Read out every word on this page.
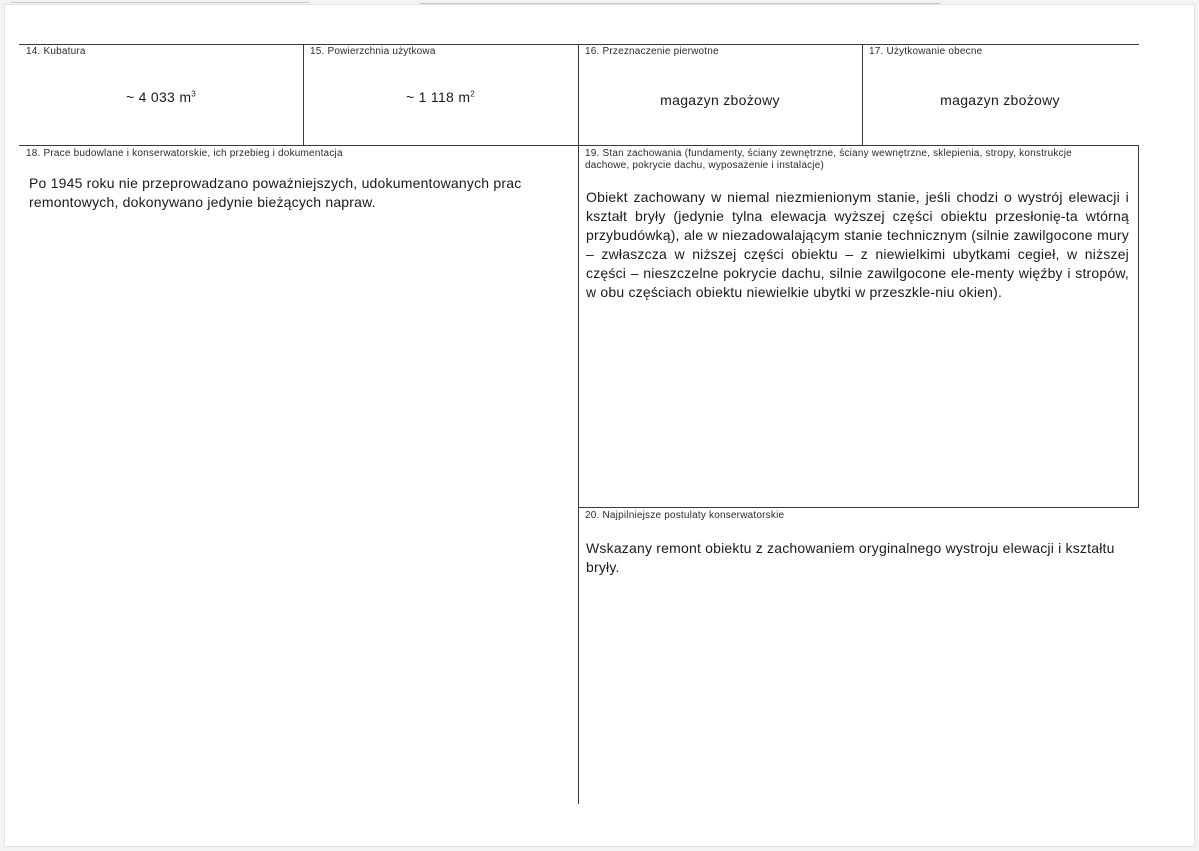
14. Kubatura
~ 4 033 $m^3$
15. Powierzchnia użytkowa
~ 1 118 $m^2$
16. Przeznaczenie pierwotne
magazyn zbożowy
17. Użytkowanie obecne
magazyn zbożowy
18. Prace budowlane i konserwatorskie, ich przebieg i dokumentacja
Po 1945 roku nie przeprowadzano poważniejszych, udokumentowanych prac remontowych, dokonywano jedynie bieżących napraw.
19. Stan zachowania (fundamenty, ściany zewnętrzne, ściany wewnętrzne, sklepienia, stropy, konstrukcje dachowe, pokrycie dachu, wyposażenie i instalacje)
Obiekt zachowany w niemal niezmienionym stanie, jeśli chodzi o wystrój elewacji i kształt bryły (jedynie tylna elewacja wyższej części obiektu przesłonię-ta wtórną przybudówką), ale w niezadowalającym stanie technicznym (silnie zawilgocone mury – zwłaszcza w niższej części obiektu – z niewielkimi ubytkami cegieł, w niższej części – nieszczelne pokrycie dachu, silnie zawilgocone ele-menty więźby i stropów, w obu częściach obiektu niewielkie ubytki w przeszkle-niu okien).
20. Najpilniejsze postulaty konserwatorskie
Wskazany remont obiektu z zachowaniem oryginalnego wystroju elewacji i kształtu bryły.
